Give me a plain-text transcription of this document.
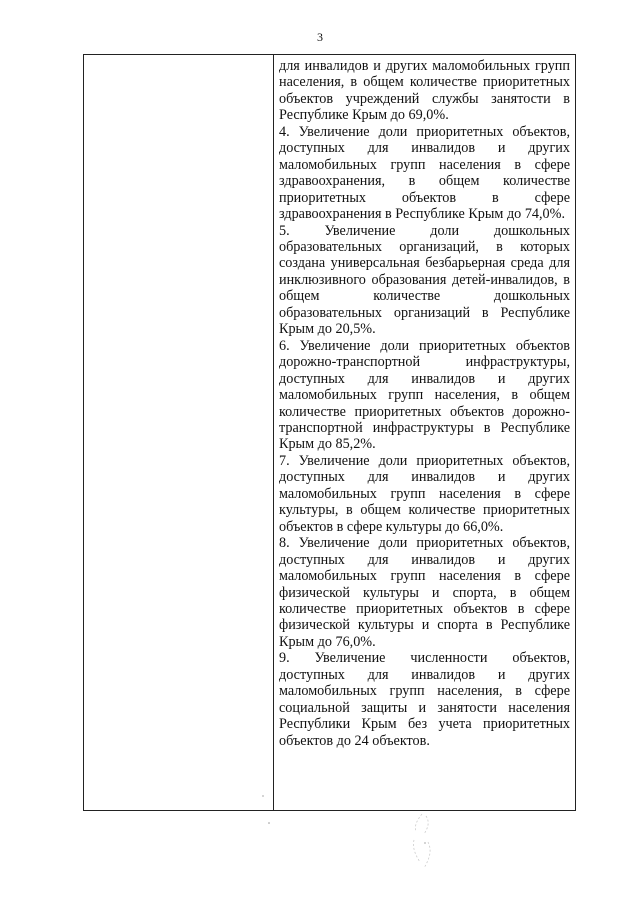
3

для инвалидов и других маломобильных групп населения, в общем количестве приоритетных объектов учреждений службы занятости в Республике Крым до 69,0%.

4. Увеличение доли приоритетных объектов, доступных для инвалидов и других маломобильных групп населения в сфере здравоохранения, в общем количестве приоритетных объектов в сфере здравоохранения в Республике Крым до 74,0%.

5. Увеличение доли дошкольных образовательных организаций, в которых создана универсальная безбарьерная среда для инклюзивного образования детей-инвалидов, в общем количестве дошкольных образовательных организаций в Республике Крым до 20,5%.

6. Увеличение доли приоритетных объектов дорожно-транспортной инфраструктуры, доступных для инвалидов и других маломобильных групп населения, в общем количестве приоритетных объектов дорожно-транспортной инфраструктуры в Республике Крым до 85,2%.

7. Увеличение доли приоритетных объектов, доступных для инвалидов и других маломобильных групп населения в сфере культуры, в общем количестве приоритетных объектов в сфере культуры до 66,0%.

8. Увеличение доли приоритетных объектов, доступных для инвалидов и других маломобильных групп населения в сфере физической культуры и спорта, в общем количестве приоритетных объектов в сфере физической культуры и спорта в Республике Крым до 76,0%.

9. Увеличение численности объектов, доступных для инвалидов и других маломобильных групп населения, в сфере социальной защиты и занятости населения Республики Крым без учета приоритетных объектов до 24 объектов.
